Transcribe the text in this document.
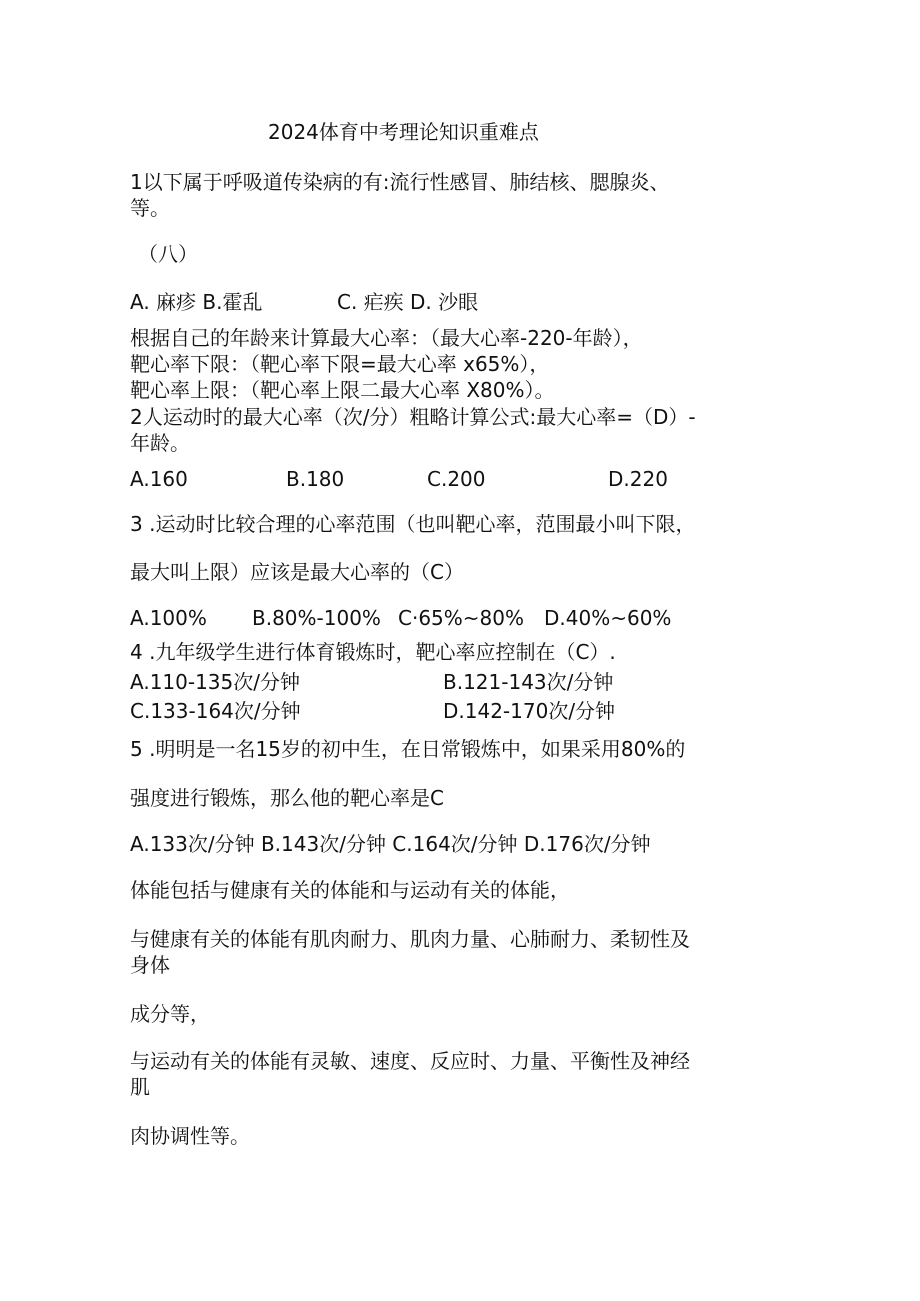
2024体育中考理论知识重难点
1以下属于呼吸道传染病的有:流行性感冒、肺结核、腮腺炎、
等。
（八）
A. 麻疹 B.霍乱	C. 疟疾 D. 沙眼
根据自己的年龄来计算最大心率：（最大心率-220-年龄），
靶心率下限：（靶心率下限=最大心率 x65%），
靶心率上限：（靶心率上限二最大心率 X80%）。
2人运动时的最大心率（次/分）粗略计算公式:最大心率=（D）-
年龄。
A.160	B.180	C.200	D.220
3 .运动时比较合理的心率范围（也叫靶心率，范围最小叫下限，
最大叫上限）应该是最大心率的（C）
A.100% B.80%-100% C·65%~80% D.40%~60%
4 .九年级学生进行体育锻炼时，靶心率应控制在（C）.
A.110-135次/分钟	B.121-143次/分钟
C.133-164次/分钟	D.142-170次/分钟
5 .明明是一名15岁的初中生，在日常锻炼中，如果采用80%的
强度进行锻炼，那么他的靶心率是C
A.133次/分钟 B.143次/分钟 C.164次/分钟 D.176次/分钟
体能包括与健康有关的体能和与运动有关的体能，
与健康有关的体能有肌肉耐力、肌肉力量、心肺耐力、柔韧性及
身体
成分等，
与运动有关的体能有灵敏、速度、反应时、力量、平衡性及神经
肌
肉协调性等。
